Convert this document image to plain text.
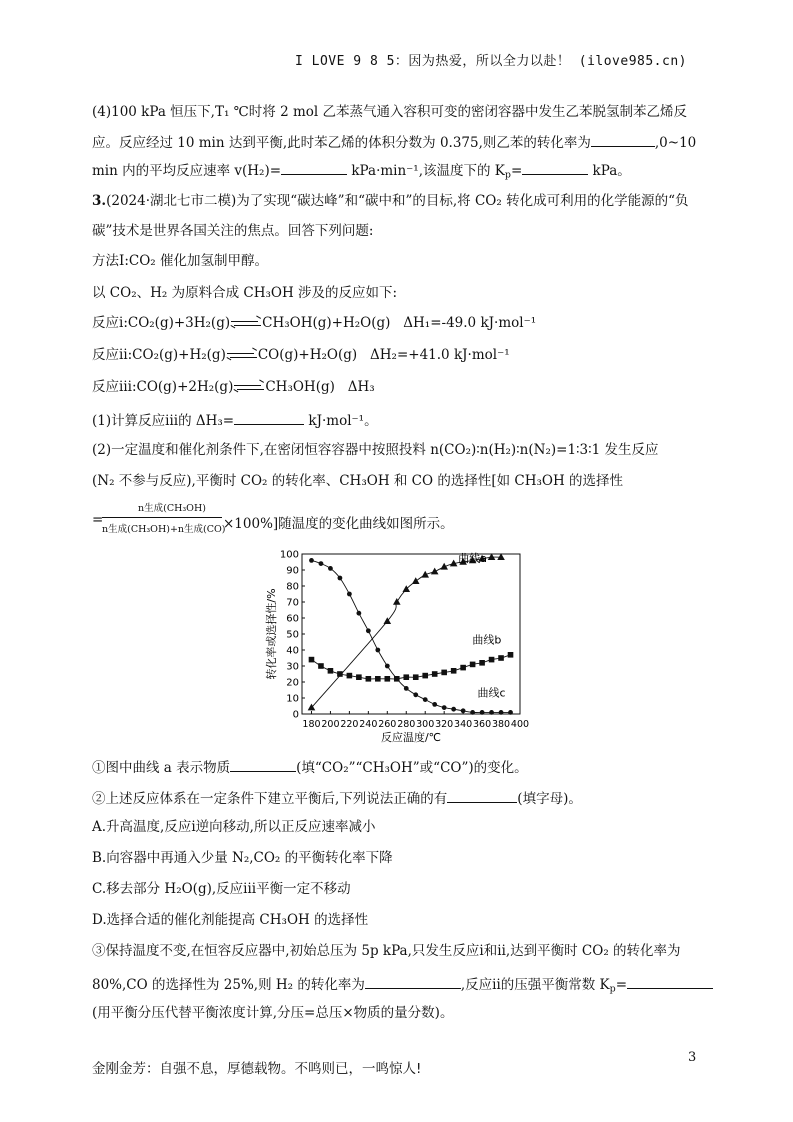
I LOVE 9 8 5：因为热爱，所以全力以赴！ (ilove985.cn)
(4)100 kPa 恒压下,T₁ ℃时将 2 mol 乙苯蒸气通入容积可变的密闭容器中发生乙苯脱氢制苯乙烯反
应。反应经过 10 min 达到平衡,此时苯乙烯的体积分数为 0.375,则乙苯的转化率为	,0~10
min 内的平均反应速率 v(H₂)=	kPa·min⁻¹,该温度下的 $K_p=$	kPa。
3.(2024·湖北七市二模)为了实现“碳达峰”和“碳中和”的目标,将 CO₂ 转化成可利用的化学能源的“负
碳”技术是世界各国关注的焦点。回答下列问题:
方法Ⅰ:CO₂ 催化加氢制甲醇。
以 CO₂、H₂ 为原料合成 CH₃OH 涉及的反应如下:
反应ⅰ:CO₂(g)+3H₂(g) CH₃OH(g)+H₂O(g) ΔH₁=-49.0 kJ·mol⁻¹
反应ⅱ:CO₂(g)+H₂(g) CO(g)+H₂O(g) ΔH₂=+41.0 kJ·mol⁻¹
反应ⅲ:CO(g)+2H₂(g) CH₃OH(g) ΔH₃
(1)计算反应ⅲ的 ΔH₃=	kJ·mol⁻¹。
(2)一定温度和催化剂条件下,在密闭恒容容器中按照投料 n(CO₂)∶n(H₂)∶n(N₂)=1∶3∶1 发生反应
(N₂ 不参与反应),平衡时 CO₂ 的转化率、CH₃OH 和 CO 的选择性[如 CH₃OH 的选择性
=
n生成(CH₃OH)
n生成(CH₃OH)+n生成(CO)
×100%]随温度的变化曲线如图所示。
0
10
20
30
40
50
60
70
80
90
100
180 200 220 240 260 280 300 320 340 360 380 400
反应温度/℃
转化率或选择性/%
曲线a
曲线b
曲线c
①图中曲线 a 表示物质	(填“CO₂”“CH₃OH”或“CO”)的变化。
②上述反应体系在一定条件下建立平衡后,下列说法正确的有	(填字母)。
A.升高温度,反应ⅰ逆向移动,所以正反应速率减小
B.向容器中再通入少量 N₂,CO₂ 的平衡转化率下降
C.移去部分 H₂O(g),反应ⅲ平衡一定不移动
D.选择合适的催化剂能提高 CH₃OH 的选择性
③保持温度不变,在恒容反应器中,初始总压为 5p kPa,只发生反应ⅰ和ⅱ,达到平衡时 CO₂ 的转化率为
80%,CO 的选择性为 25%,则 H₂ 的转化率为	,反应ⅱ的压强平衡常数 $K_p=$
(用平衡分压代替平衡浓度计算,分压=总压×物质的量分数)。
金刚金芳：自强不息，厚德载物。不鸣则已，一鸣惊人!
3
